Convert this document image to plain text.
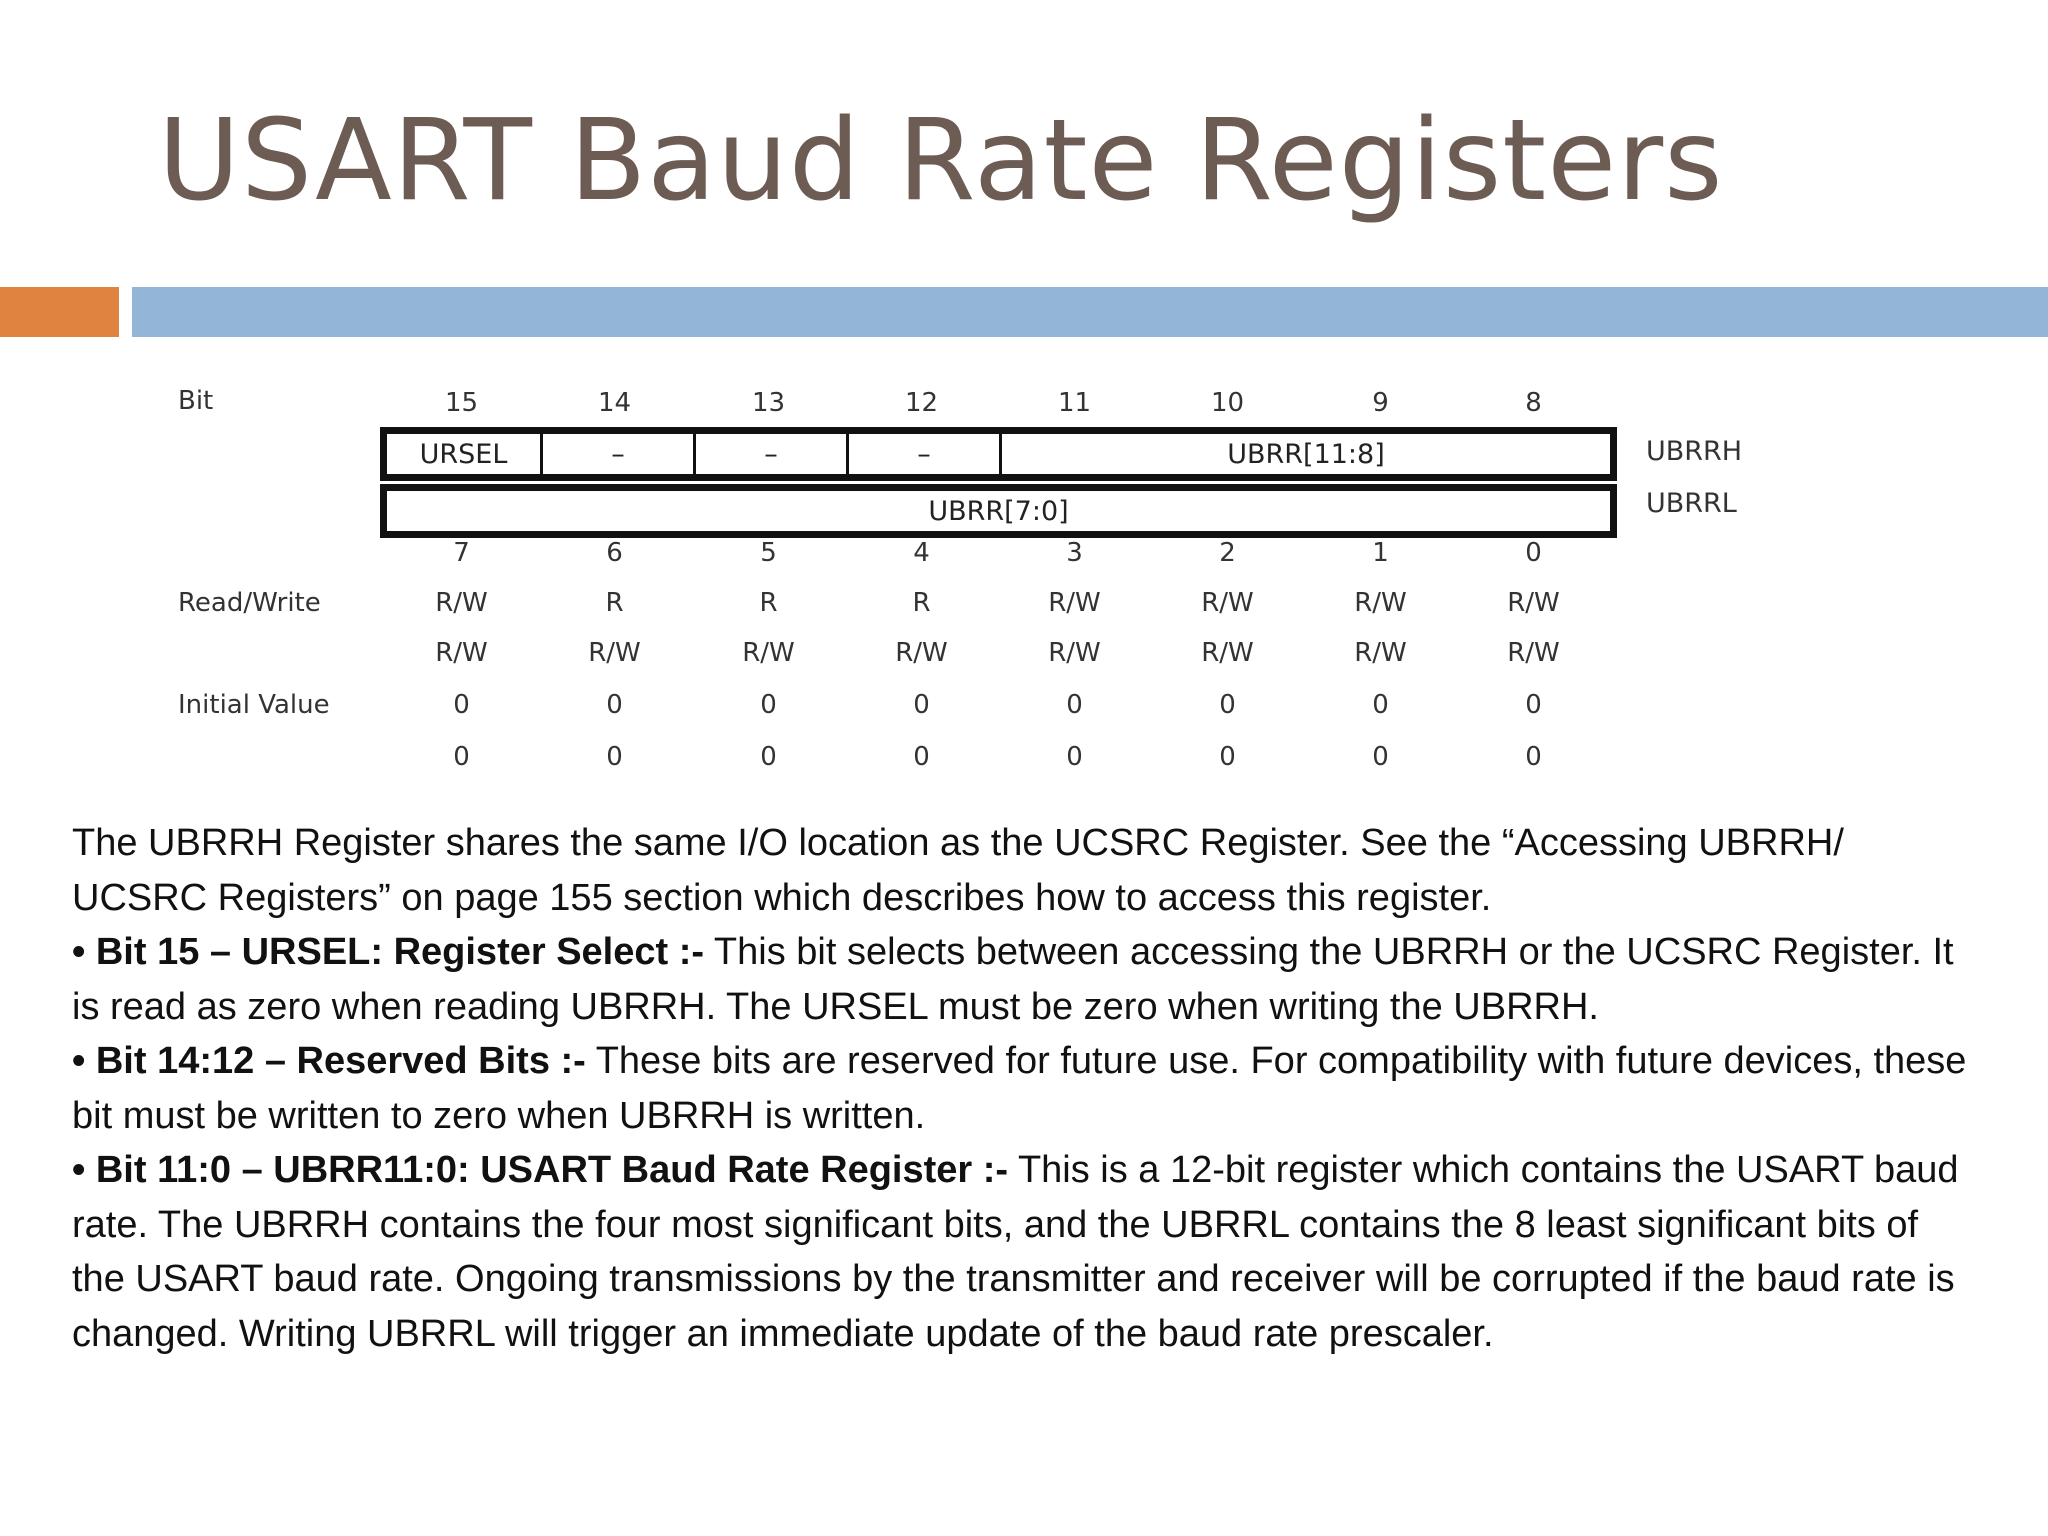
USART Baud Rate Registers
Bit	15	14	13	12	11	10	9	8
URSEL	–	–	–	UBRR[11:8]	UBRRH
UBRR[7:0]	UBRRL
7	6	5	4	3	2	1	0
Read/Write	R/W	R	R	R	R/W	R/W	R/W	R/W
R/W	R/W	R/W	R/W	R/W	R/W	R/W	R/W
Initial Value	0	0	0	0	0	0	0	0
0	0	0	0	0	0	0	0

The UBRRH Register shares the same I/O location as the UCSRC Register. See the “Accessing UBRRH/ UCSRC Registers” on page 155 section which describes how to access this register.

• Bit 15 – URSEL: Register Select :- This bit selects between accessing the UBRRH or the UCSRC Register. It is read as zero when reading UBRRH. The URSEL must be zero when writing the UBRRH.

• Bit 14:12 – Reserved Bits :- These bits are reserved for future use. For compatibility with future devices, these bit must be written to zero when UBRRH is written.

• Bit 11:0 – UBRR11:0: USART Baud Rate Register :- This is a 12-bit register which contains the USART baud rate. The UBRRH contains the four most significant bits, and the UBRRL contains the 8 least significant bits of the USART baud rate. Ongoing transmissions by the transmitter and receiver will be corrupted if the baud rate is changed. Writing UBRRL will trigger an immediate update of the baud rate prescaler.
